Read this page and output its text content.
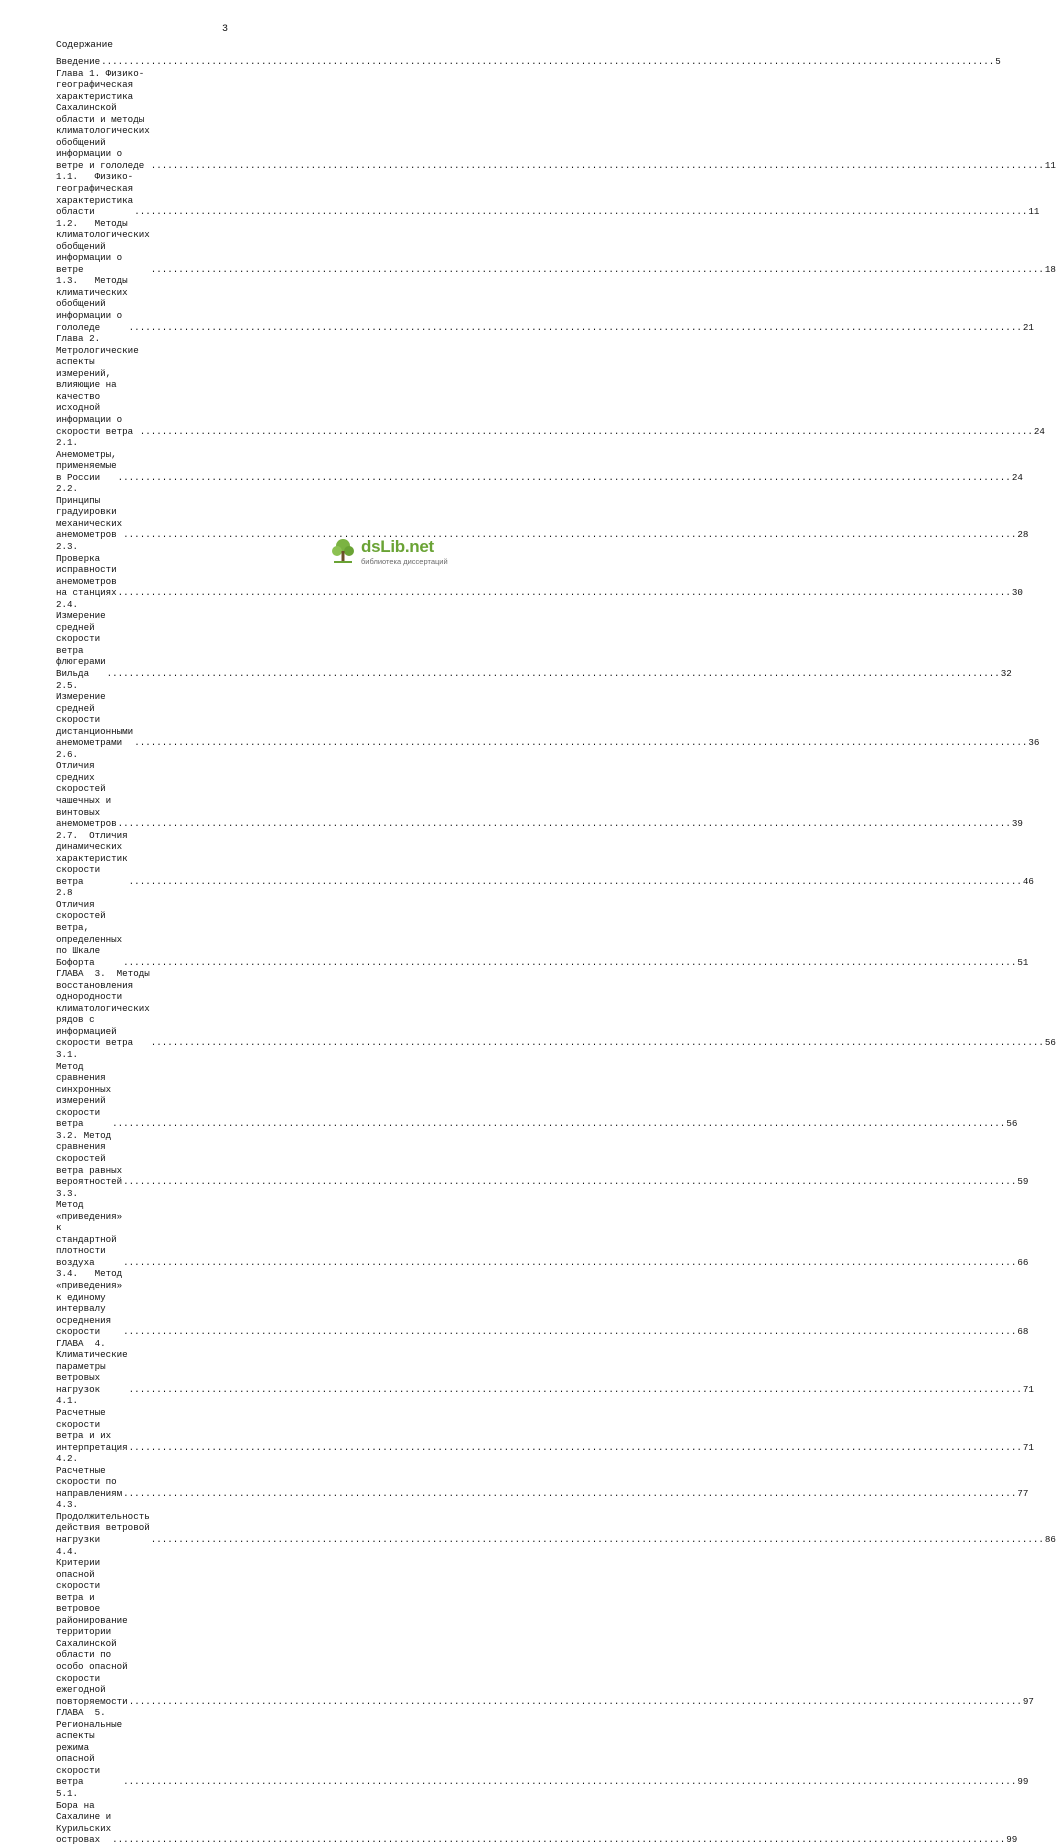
3
Содержание
Введение .....	5
Глава 1. Физико-географическая характеристика Сахалинской области и методы климатологических обобщений информации о ветре и гололеде .....	11
1.1.   Физико-географическая характеристика области .....	11
1.2.   Методы климатологических обобщений информации о ветре .....	18
1.3.   Методы климатических обобщений информации о гололеде .....	21
Глава 2.  Метрологические аспекты измерений, влияющие на качество исходной информации о скорости ветра .....	24
2.1.   Анемометры, применяемые в России .....	24
2.2.   Принципы градуировки механических анемометров .....	28
2.3.  Проверка исправности анемометров на станциях .....	30
2.4. Измерение средней скорости ветра флюгерами Вильда .....	32
2.5.   Измерение средней скорости дистанционными анемометрами .....	36
2.6. Отличия средних скоростей чашечных и винтовых анемометров .....	39
2.7.  Отличия динамических характеристик скорости ветра .....	46
2.8     Отличия скоростей ветра, определенных по Шкале Бофорта .....	51
ГЛАВА  3.  Методы восстановления однородности климатологических рядов с информацией скорости ветра .....	56
3.1.    Метод сравнения синхронных измерений скорости ветра .....	56
3.2. Метод  сравнения скоростей ветра равных вероятностей .....	59
3.3.    Метод «приведения» к стандартной плотности воздуха .....	66
3.4.   Метод «приведения» к единому интервалу осреднения скорости .....	68
ГЛАВА  4.  Климатические параметры ветровых нагрузок .....	71
4.1.   Расчетные скорости ветра и их интерпретация .....	71
4.2.  Расчетные скорости по направлениям .....	77
4.3.  Продолжительность действия ветровой нагрузки .....	86
4.4.   Критерии опасной скорости ветра и ветровое районирование территории Сахалинской области по особо опасной скорости ежегодной повторяемости .....	97
ГЛАВА  5.  Региональные аспекты режима опасной скорости ветра .....	99
5.1.     Бора на Сахалине и Курильских островах .....	99
dsLib.net
библиотека диссертаций
